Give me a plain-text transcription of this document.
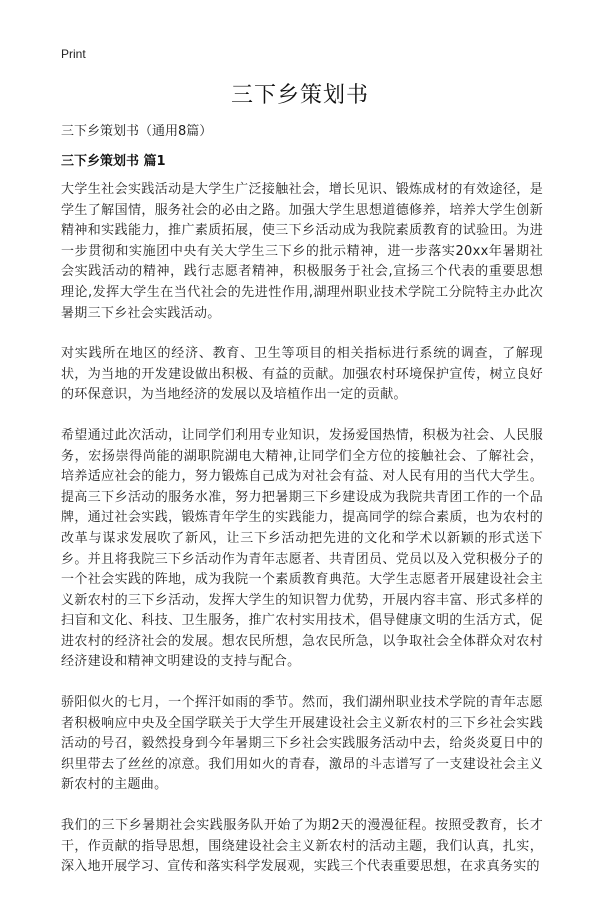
Print
三下乡策划书
三下乡策划书（通用8篇）
三下乡策划书 篇1

大学生社会实践活动是大学生广泛接触社会，增长见识、锻炼成材的有效途径，是学生了解国情，服务社会的必由之路。加强大学生思想道德修养，培养大学生创新精神和实践能力，推广素质拓展，使三下乡活动成为我院素质教育的试验田。为进一步贯彻和实施团中央有关大学生三下乡的批示精神，进一步落实20xx年暑期社会实践活动的精神，践行志愿者精神，积极服务于社会,宣扬三个代表的重要思想理论,发挥大学生在当代社会的先进性作用,湖理州职业技术学院工分院特主办此次暑期三下乡社会实践活动。

对实践所在地区的经济、教育、卫生等项目的相关指标进行系统的调查，了解现状，为当地的开发建设做出积极、有益的贡献。加强农村环境保护宣传，树立良好的环保意识，为当地经济的发展以及培植作出一定的贡献。

希望通过此次活动，让同学们利用专业知识，发扬爱国热情，积极为社会、人民服务，宏扬崇得尚能的湖职院湖电大精神,让同学们全方位的接触社会、了解社会，培养适应社会的能力，努力锻炼自己成为对社会有益、对人民有用的当代大学生。提高三下乡活动的服务水准，努力把暑期三下乡建设成为我院共青团工作的一个品牌，通过社会实践，锻炼青年学生的实践能力，提高同学的综合素质，也为农村的改革与谋求发展吹了新风，让三下乡活动把先进的文化和学术以新颖的形式送下乡。并且将我院三下乡活动作为青年志愿者、共青团员、党员以及入党积极分子的一个社会实践的阵地，成为我院一个素质教育典范。大学生志愿者开展建设社会主义新农村的三下乡活动，发挥大学生的知识智力优势，开展内容丰富、形式多样的扫盲和文化、科技、卫生服务，推广农村实用技术，倡导健康文明的生活方式，促进农村的经济社会的发展。想农民所想，急农民所急，以争取社会全体群众对农村经济建设和精神文明建设的支持与配合。

骄阳似火的七月，一个挥汗如雨的季节。然而，我们湖州职业技术学院的青年志愿者积极响应中央及全国学联关于大学生开展建设社会主义新农村的三下乡社会实践活动的号召，毅然投身到今年暑期三下乡社会实践服务活动中去，给炎炎夏日中的织里带去了丝丝的凉意。我们用如火的青春，激昂的斗志谱写了一支建设社会主义新农村的主题曲。

我们的三下乡暑期社会实践服务队开始了为期2天的漫漫征程。按照受教育，长才干，作贡献的指导思想，围绕建设社会主义新农村的活动主题，我们认真，扎实，深入地开展学习、宣传和落实科学发展观，实践三个代表重要思想，在求真务实的
